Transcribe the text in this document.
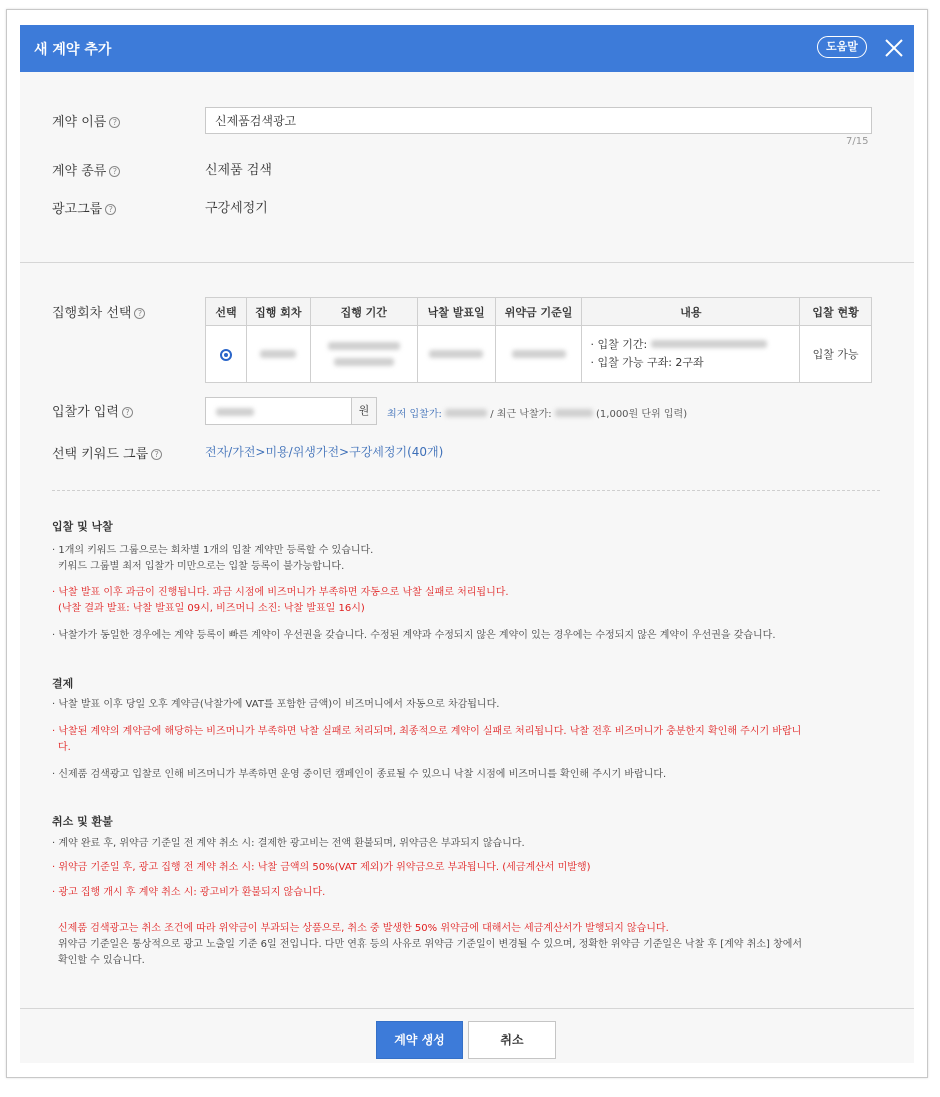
새 계약 추가	도움말
계약 이름 ?
신제품검색광고
7/15
계약 종류 ?	신제품 검색
광고그룹 ?	구강세정기
집행회차 선택 ?	선택	집행 회차	집행 기간	낙찰 발표일	위약금 기준일	내용	입찰 현황

					· 입찰 기간:
· 입찰 가능 구좌: 2구좌	입찰 가능
입찰가 입력 ?	원	최저 입찰가:	/ 최근 낙찰가:	(1,000원 단위 입력)
선택 키워드 그룹 ?	전자/가전>미용/위생가전>구강세정기(40개)
입찰 및 낙찰
· 1개의 키워드 그룹으로는 회차별 1개의 입찰 계약만 등록할 수 있습니다.
키워드 그룹별 최저 입찰가 미만으로는 입찰 등록이 불가능합니다.
· 낙찰 발표 이후 과금이 진행됩니다. 과금 시점에 비즈머니가 부족하면 자동으로 낙찰 실패로 처리됩니다.
(낙찰 결과 발표: 낙찰 발표일 09시, 비즈머니 소진: 낙찰 발표일 16시)
· 낙찰가가 동일한 경우에는 계약 등록이 빠른 계약이 우선권을 갖습니다. 수정된 계약과 수정되지 않은 계약이 있는 경우에는 수정되지 않은 계약이 우선권을 갖습니다.
결제
· 낙찰 발표 이후 당일 오후 계약금(낙찰가에 VAT를 포함한 금액)이 비즈머니에서 자동으로 차감됩니다.
· 낙찰된 계약의 계약금에 해당하는 비즈머니가 부족하면 낙찰 실패로 처리되며, 최종적으로 계약이 실패로 처리됩니다. 낙찰 전후 비즈머니가 충분한지 확인해 주시기 바랍니
다.
· 신제품 검색광고 입찰로 인해 비즈머니가 부족하면 운영 중이던 캠페인이 종료될 수 있으니 낙찰 시점에 비즈머니를 확인해 주시기 바랍니다.
취소 및 환불
· 계약 완료 후, 위약금 기준일 전 계약 취소 시: 결제한 광고비는 전액 환불되며, 위약금은 부과되지 않습니다.
· 위약금 기준일 후, 광고 집행 전 계약 취소 시: 낙찰 금액의 50%(VAT 제외)가 위약금으로 부과됩니다. (세금계산서 미발행)
· 광고 집행 개시 후 계약 취소 시: 광고비가 환불되지 않습니다.
신제품 검색광고는 취소 조건에 따라 위약금이 부과되는 상품으로, 취소 중 발생한 50% 위약금에 대해서는 세금계산서가 발행되지 않습니다.
위약금 기준일은 통상적으로 광고 노출일 기준 6일 전입니다. 다만 연휴 등의 사유로 위약금 기준일이 변경될 수 있으며, 정확한 위약금 기준일은 낙찰 후 [계약 취소] 창에서
확인할 수 있습니다.
계약 생성	취소
